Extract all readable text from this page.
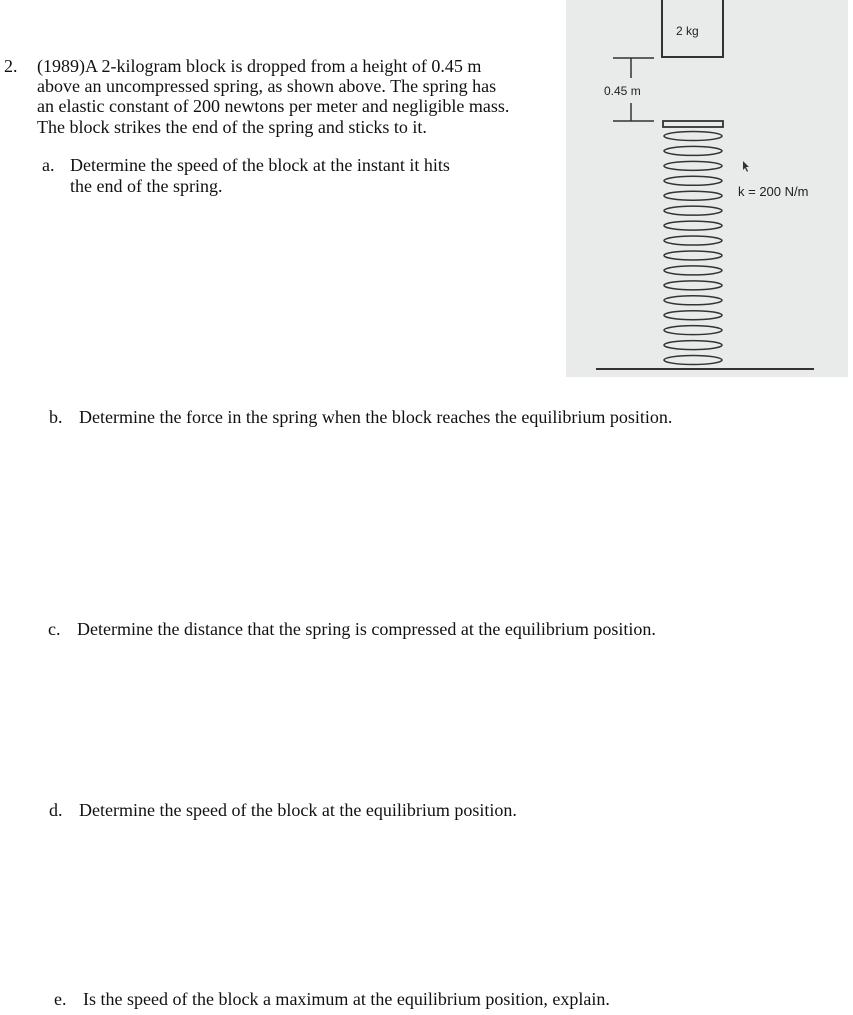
2. (1989)A 2-kilogram block is dropped from a height of 0.45 m
above an uncompressed spring, as shown above. The spring has
an elastic constant of 200 newtons per meter and negligible mass.
The block strikes the end of the spring and sticks to it.
a. Determine the speed of the block at the instant it hits
the end of the spring.
b. Determine the force in the spring when the block reaches the equilibrium position.
c. Determine the distance that the spring is compressed at the equilibrium position.
d. Determine the speed of the block at the equilibrium position.
e. Is the speed of the block a maximum at the equilibrium position, explain.
2 kg
0.45 m
k = 200 N/m
